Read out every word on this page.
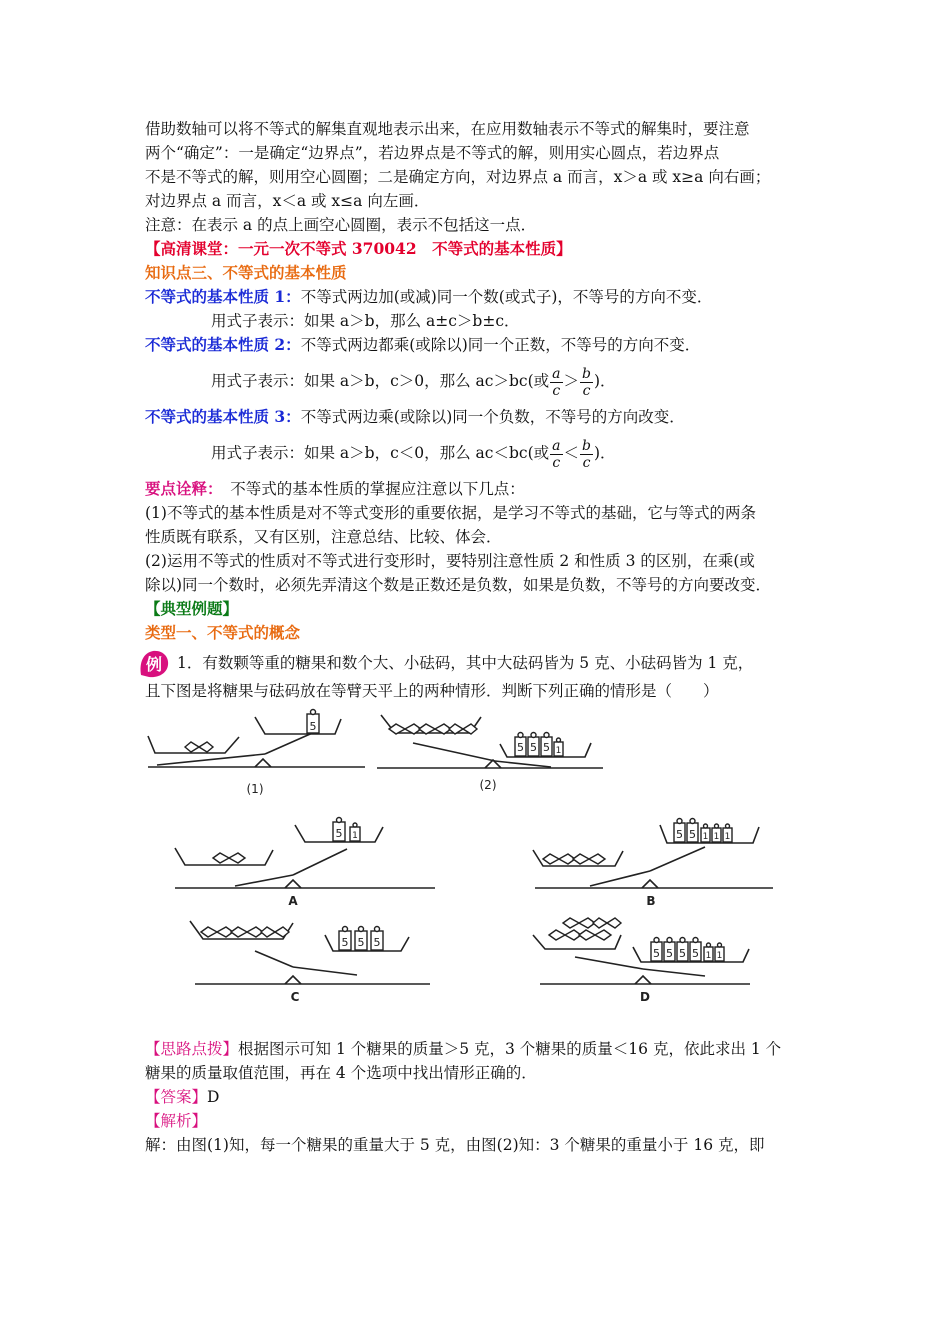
借助数轴可以将不等式的解集直观地表示出来，在应用数轴表示不等式的解集时，要注意

两个“确定”：一是确定“边界点”，若边界点是不等式的解，则用实心圆点，若边界点

不是不等式的解，则用空心圆圈；二是确定方向，对边界点 a 而言，x＞a 或 x≥a 向右画；

对边界点 a 而言，x＜a 或 x≤a 向左画．

注意：在表示 a 的点上画空心圆圈，表示不包括这一点．

【高清课堂：一元一次不等式 370042　不等式的基本性质】

知识点三、不等式的基本性质

不等式的基本性质 1：不等式两边加(或减)同一个数(或式子)，不等号的方向不变．

用式子表示：如果 a＞b，那么 a±c＞b±c．

不等式的基本性质 2：不等式两边都乘(或除以)同一个正数，不等号的方向不变．

用式子表示：如果 a＞b，c＞0，那么 ac＞bc(或 $\frac{a}{c} > \frac{b}{c}$ )．

不等式的基本性质 3：不等式两边乘(或除以)同一个负数，不等号的方向改变．

用式子表示：如果 a＞b，c＜0，那么 ac＜bc(或 $\frac{a}{c} < \frac{b}{c}$ )．

要点诠释：　不等式的基本性质的掌握应注意以下几点：

(1)不等式的基本性质是对不等式变形的重要依据，是学习不等式的基础，它与等式的两条

性质既有联系，又有区别，注意总结、比较、体会．

(2)运用不等式的性质对不等式进行变形时，要特别注意性质 2 和性质 3 的区别，在乘(或

除以)同一个数时，必须先弄清这个数是正数还是负数，如果是负数，不等号的方向要改变．

【典型例题】

类型一、不等式的概念

例 1．有数颗等重的糖果和数个大、小砝码，其中大砝码皆为 5 克、小砝码皆为 1 克，

且下图是将糖果与砝码放在等臂天平上的两种情形．判断下列正确的情形是（　　）

5
5 5 5 1
5 1	5 5 1 1 1
5 5 5
5 5 5 5 1 1
(1)	(2)
A	B
C	D

【思路点拨】根据图示可知 1 个糖果的质量＞5 克，3 个糖果的质量＜16 克，依此求出 1 个

糖果的质量取值范围，再在 4 个选项中找出情形正确的．

【答案】D

【解析】

解：由图(1)知，每一个糖果的重量大于 5 克，由图(2)知：3 个糖果的重量小于 16 克，即
